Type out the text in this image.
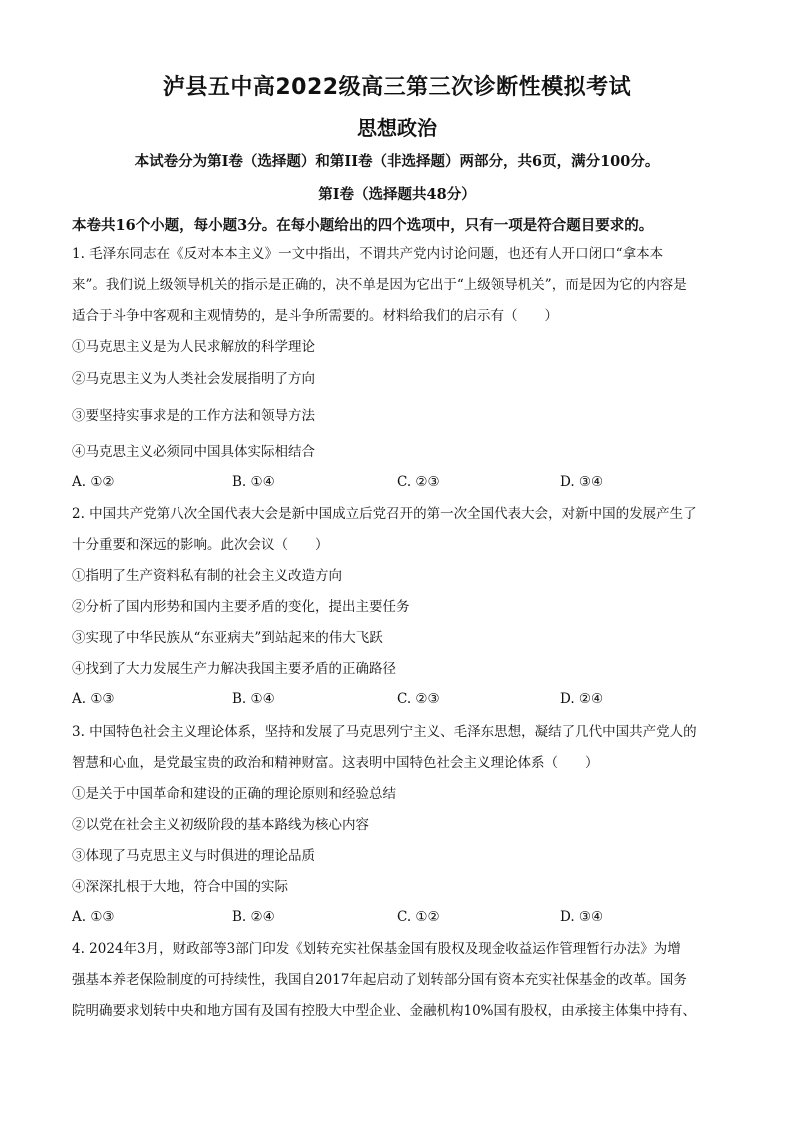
泸县五中高2022级高三第三次诊断性模拟考试
思想政治
本试卷分为第I卷（选择题）和第II卷（非选择题）两部分，共6页，满分100分。
第I卷（选择题共48分）
本卷共16个小题，每小题3分。在每小题给出的四个选项中，只有一项是符合题目要求的。
1. 毛泽东同志在《反对本本主义》一文中指出，不谓共产党内讨论问题，也还有人开口闭口“拿本本
来”。我们说上级领导机关的指示是正确的，决不单是因为它出于“上级领导机关”，而是因为它的内容是
适合于斗争中客观和主观情势的，是斗争所需要的。材料给我们的启示有（　　）
①马克思主义是为人民求解放的科学理论
②马克思主义为人类社会发展指明了方向
③要坚持实事求是的工作方法和领导方法
④马克思主义必须同中国具体实际相结合
A. ①②	B. ①④	C. ②③	D. ③④
2. 中国共产党第八次全国代表大会是新中国成立后党召开的第一次全国代表大会，对新中国的发展产生了
十分重要和深远的影响。此次会议（　　）
①指明了生产资料私有制的社会主义改造方向
②分析了国内形势和国内主要矛盾的变化，提出主要任务
③实现了中华民族从“东亚病夫”到站起来的伟大飞跃
④找到了大力发展生产力解决我国主要矛盾的正确路径
A. ①③	B. ①④	C. ②③	D. ②④
3. 中国特色社会主义理论体系，坚持和发展了马克思列宁主义、毛泽东思想，凝结了几代中国共产党人的
智慧和心血，是党最宝贵的政治和精神财富。这表明中国特色社会主义理论体系（　　）
①是关于中国革命和建设的正确的理论原则和经验总结
②以党在社会主义初级阶段的基本路线为核心内容
③体现了马克思主义与时俱进的理论品质
④深深扎根于大地，符合中国的实际
A. ①③	B. ②④	C. ①②	D. ③④
4. 2024年3月，财政部等3部门印发《划转充实社保基金国有股权及现金收益运作管理暂行办法》为增
强基本养老保险制度的可持续性，我国自2017年起启动了划转部分国有资本充实社保基金的改革。国务
院明确要求划转中央和地方国有及国有控股大中型企业、金融机构10%国有股权，由承接主体集中持有、
